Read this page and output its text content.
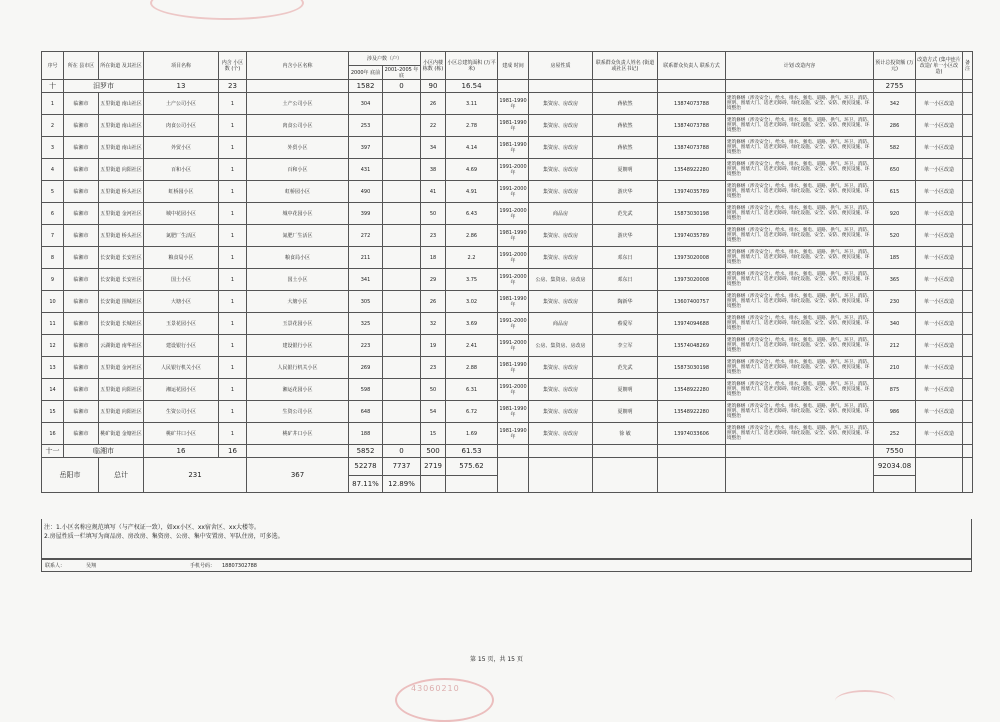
序号	所在 县市区	所在街道 及其社区	项目名称	内含 小区数 (个)	内含小区名称	涉及户数（户）		小区内楼 栋数 (栋)	小区总建筑面积 (万平米)	建成 时间	房屋性质	联系群众负责人姓名 (街道或社区书记)	联系群众负责人 联系方式	计划 改造内容	预计总投资额 (万元)	改造方式 (集中连片改造/ 单一小区改造)	备注
						2000年 底前	2001-2005 年底										
十	汨罗市		13	23		1582	0	90	16.54						2755		
1	临湘市	五里街道 南山社区	土产公司小区	1	土产公司小区	304		26	3.11	1981-1990 年	集资房、房改房	蒋依然	13874073788	建筑修缮（涉及安全）、给水、排水、强电、道路、供气、环卫、消防、照明、围墙大门、适老无障碍、绿化设施、安全、安防、便民设施、环境整治	342	单一小区改造	
2	临湘市	五里街道 南山社区	肉食公司小区	1	肉食公司小区	253		22	2.78	1981-1990 年	集资房、房改房	蒋依然	13874073788	建筑修缮（涉及安全）、给水、排水、强电、道路、供气、环卫、消防、照明、围墙大门、适老无障碍、绿化设施、安全、安防、便民设施、环境整治	286	单一小区改造	
3	临湘市	五里街道 南山社区	外贸小区	1	外贸小区	397		34	4.14	1981-1990 年	集资房、房改房	蒋依然	13874073788	建筑修缮（涉及安全）、给水、排水、强电、道路、供气、环卫、消防、照明、围墙大门、适老无障碍、绿化设施、安全、安防、便民设施、环境整治	582	单一小区改造	
4	临湘市	五里街道 向阳社区	百和小区	1	百和小区	431		38	4.69	1991-2000 年	集资房、房改房	夏朝明	13548922280	建筑修缮（涉及安全）、给水、排水、强电、道路、供气、环卫、消防、照明、围墙大门、适老无障碍、绿化设施、安全、安防、便民设施、环境整治	650	单一小区改造	
5	临湘市	五里街道 桥头社区	虹桥园小区	1	虹桥园小区	490		41	4.91	1991-2000 年	集资房、房改房	游庆华	13974035789	建筑修缮（涉及安全）、给水、排水、强电、道路、供气、环卫、消防、照明、围墙大门、适老无障碍、绿化设施、安全、安防、便民设施、环境整治	615	单一小区改造	
6	临湘市	五里街道 金河社区	城中花园小区	1	城中花园小区	399		50	6.43	1991-2000 年	商品房	范先武	15873030198	建筑修缮（涉及安全）、给水、排水、强电、道路、供气、环卫、消防、照明、围墙大门、适老无障碍、绿化设施、安全、安防、便民设施、环境整治	920	单一小区改造	
7	临湘市	五里街道 桥头社区	氮肥厂生活区	1	氮肥厂生活区	272		23	2.86	1981-1990 年	集资房、房改房	游庆华	13974035789	建筑修缮（涉及安全）、给水、排水、强电、道路、供气、环卫、消防、照明、围墙大门、适老无障碍、绿化设施、安全、安防、便民设施、环境整治	520	单一小区改造	
8	临湘市	长安街道 长安社区	粮食局小区	1	粮食局小区	211		18	2.2	1991-2000 年	集资房、房改房	邓东日	13973020008	建筑修缮（涉及安全）、给水、排水、强电、道路、供气、环卫、消防、照明、围墙大门、适老无障碍、绿化设施、安全、安防、便民设施、环境整治	185	单一小区改造	
9	临湘市	长安街道 长安社区	国土小区	1	国土小区	341		29	3.75	1991-2000 年	公房、集资房、房改房	邓东日	13973020008	建筑修缮（涉及安全）、给水、排水、强电、道路、供气、环卫、消防、照明、围墙大门、适老无障碍、绿化设施、安全、安防、便民设施、环境整治	365	单一小区改造	
10	临湘市	长安街道 围城社区	大塘小区	1	大塘小区	305		26	3.02	1981-1990 年	集资房、房改房	陶新华	13607400757	建筑修缮（涉及安全）、给水、排水、强电、道路、供气、环卫、消防、照明、围墙大门、适老无障碍、绿化设施、安全、安防、便民设施、环境整治	230	单一小区改造	
11	临湘市	长安街道 长城社区	玉景花园小区	1	玉景花园小区	325		32	3.69	1991-2000 年	商品房	蔡爱军	13974094688	建筑修缮（涉及安全）、给水、排水、强电、道路、供气、环卫、消防、照明、围墙大门、适老无障碍、绿化设施、安全、安防、便民设施、环境整治	340	单一小区改造	
12	临湘市	云湖街道 南华社区	建设银行小区	1	建设银行小区	223		19	2.41	1991-2000 年	公房、集资房、房改房	李立军	13574048269	建筑修缮（涉及安全）、给水、排水、强电、道路、供气、环卫、消防、照明、围墙大门、适老无障碍、绿化设施、安全、安防、便民设施、环境整治	212	单一小区改造	
13	临湘市	五里街道 金河社区	人民银行机关小区	1	人民银行机关小区	269		23	2.88	1981-1990 年	集资房、房改房	范先武	15873030198	建筑修缮（涉及安全）、给水、排水、强电、道路、供气、环卫、消防、照明、围墙大门、适老无障碍、绿化设施、安全、安防、便民设施、环境整治	210	单一小区改造	
14	临湘市	五里街道 向阳社区	湘运花园小区	1	湘运花园小区	598		50	6.31	1991-2000 年	集资房、房改房	夏朝明	13548922280	建筑修缮（涉及安全）、给水、排水、强电、道路、供气、环卫、消防、照明、围墙大门、适老无障碍、绿化设施、安全、安防、便民设施、环境整治	875	单一小区改造	
15	临湘市	五里街道 向阳社区	生资公司小区	1	生资公司小区	648		54	6.72	1981-1990 年	集资房、房改房	夏朝明	13548922280	建筑修缮（涉及安全）、给水、排水、强电、道路、供气、环卫、消防、照明、围墙大门、适老无障碍、绿化设施、安全、安防、便民设施、环境整治	986	单一小区改造	
16	临湘市	桃矿街道 金塘社区	桃矿井口小区	1	桃矿井口小区	188		15	1.69	1981-1990 年	集资房、房改房	徐 敏	13974033606	建筑修缮（涉及安全）、给水、排水、强电、道路、供气、环卫、消防、照明、围墙大门、适老无障碍、绿化设施、安全、安防、便民设施、环境整治	252	单一小区改造	
十一	临湘市		16	16		5852	0	500	61.53						7550		
岳阳市		总计	231		367	52278	7737	2719	575.62						92034.08		
						87.11%	12.89%										
注：1.小区名称应规范填写（与产权证一致），如xx小区、xx宿舍区、xx大楼等。
2.房屋性质一栏填写为商品房、房改房、集资房、公房、集中安置房、军队住房，可多选。
联系人：	吴翔	手机号码： 18807302788
第 15 页，共 15 页
43060210
